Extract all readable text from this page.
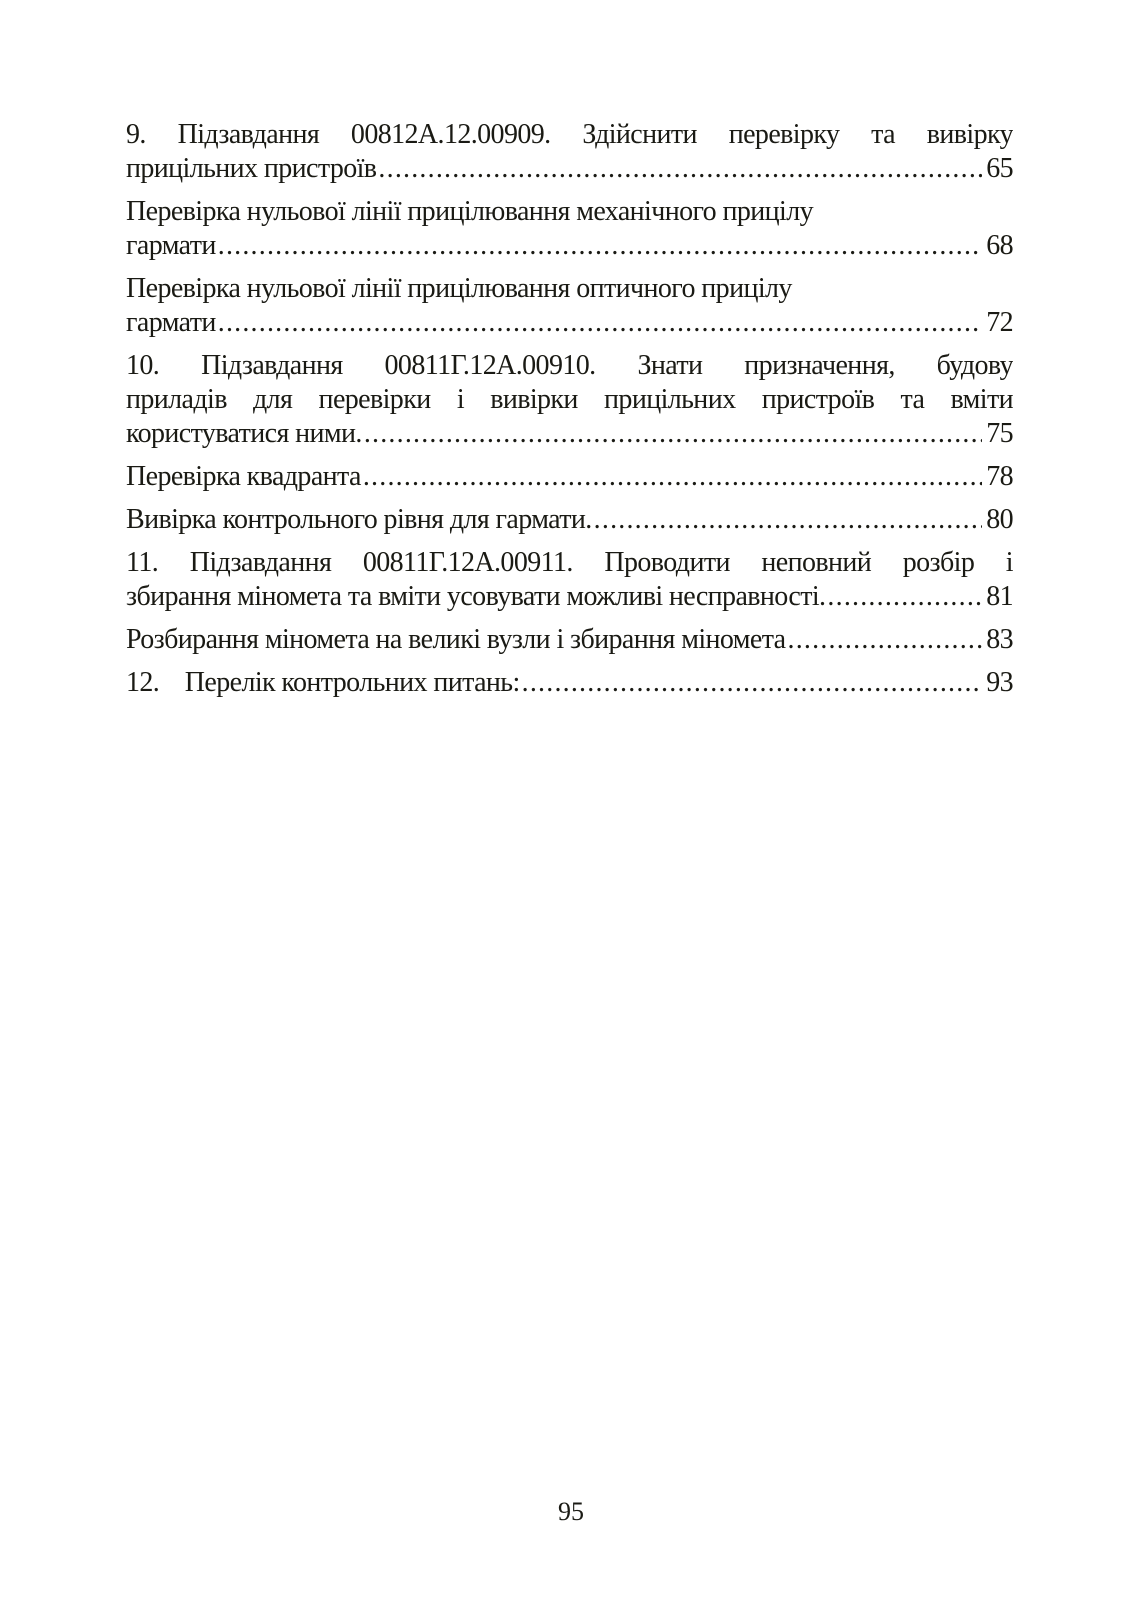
9. Підзавдання 00812А.12.00909. Здійснити перевірку та вивірку
прицільних пристроїв .....	65
Перевірка нульової лінії прицілювання механічного прицілу
гармати .....	68
Перевірка нульової лінії прицілювання оптичного прицілу
гармати .....	72
10. Підзавдання 00811Г.12А.00910. Знати призначення, будову
приладів для перевірки і вивірки прицільних пристроїв та вміти
користуватися ними. .....	75
Перевірка квадранта .....	78
Вивірка контрольного рівня для гармати. .....	80
11. Підзавдання 00811Г.12А.00911. Проводити неповний розбір і
збирання міномета та вміти усовувати можливі несправності. .....	81
Розбирання міномета на великі вузли і збирання міномета .....	83
12.    Перелік контрольних питань: .....	93
95
